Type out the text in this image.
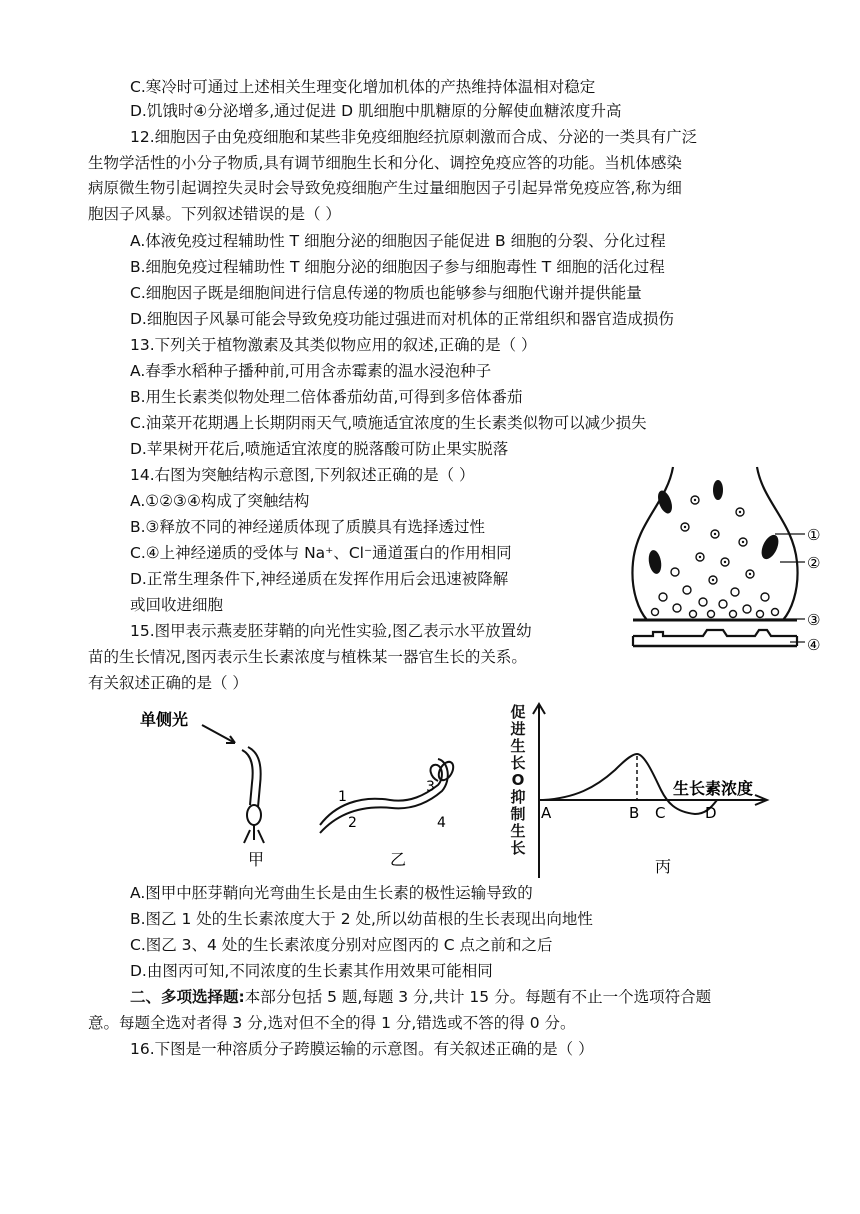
C.寒冷时可通过上述相关生理变化增加机体的产热维持体温相对稳定
D.饥饿时④分泌增多,通过促进 D 肌细胞中肌糖原的分解使血糖浓度升高
12.细胞因子由免疫细胞和某些非免疫细胞经抗原刺激而合成、分泌的一类具有广泛
生物学活性的小分子物质,具有调节细胞生长和分化、调控免疫应答的功能。当机体感染
病原微生物引起调控失灵时会导致免疫细胞产生过量细胞因子引起异常免疫应答,称为细
胞因子风暴。下列叙述错误的是（ ）
A.体液免疫过程辅助性 T 细胞分泌的细胞因子能促进 B 细胞的分裂、分化过程
B.细胞免疫过程辅助性 T 细胞分泌的细胞因子参与细胞毒性 T 细胞的活化过程
C.细胞因子既是细胞间进行信息传递的物质也能够参与细胞代谢并提供能量
D.细胞因子风暴可能会导致免疫功能过强进而对机体的正常组织和器官造成损伤
13.下列关于植物激素及其类似物应用的叙述,正确的是（ ）
A.春季水稻种子播种前,可用含赤霉素的温水浸泡种子
B.用生长素类似物处理二倍体番茄幼苗,可得到多倍体番茄
C.油菜开花期遇上长期阴雨天气,喷施适宜浓度的生长素类似物可以减少损失
D.苹果树开花后,喷施适宜浓度的脱落酸可防止果实脱落
14.右图为突触结构示意图,下列叙述正确的是（ ）
A.①②③④构成了突触结构
B.③释放不同的神经递质体现了质膜具有选择透过性
C.④上神经递质的受体与 Na⁺、Cl⁻通道蛋白的作用相同
D.正常生理条件下,神经递质在发挥作用后会迅速被降解
或回收进细胞
①
②
③
④
15.图甲表示燕麦胚芽鞘的向光性实验,图乙表示水平放置幼
苗的生长情况,图丙表示生长素浓度与植株某一器官生长的关系。
有关叙述正确的是（ ）
单侧光
甲
1
2
3
4
乙
促进生长
O
抑制生长
生长素浓度
A	B C	D
丙
A.图甲中胚芽鞘向光弯曲生长是由生长素的极性运输导致的
B.图乙 1 处的生长素浓度大于 2 处,所以幼苗根的生长表现出向地性
C.图乙 3、4 处的生长素浓度分别对应图丙的 C 点之前和之后
D.由图丙可知,不同浓度的生长素其作用效果可能相同
二、多项选择题:本部分包括 5 题,每题 3 分,共计 15 分。每题有不止一个选项符合题
意。每题全选对者得 3 分,选对但不全的得 1 分,错选或不答的得 0 分。
16.下图是一种溶质分子跨膜运输的示意图。有关叙述正确的是（ ）
